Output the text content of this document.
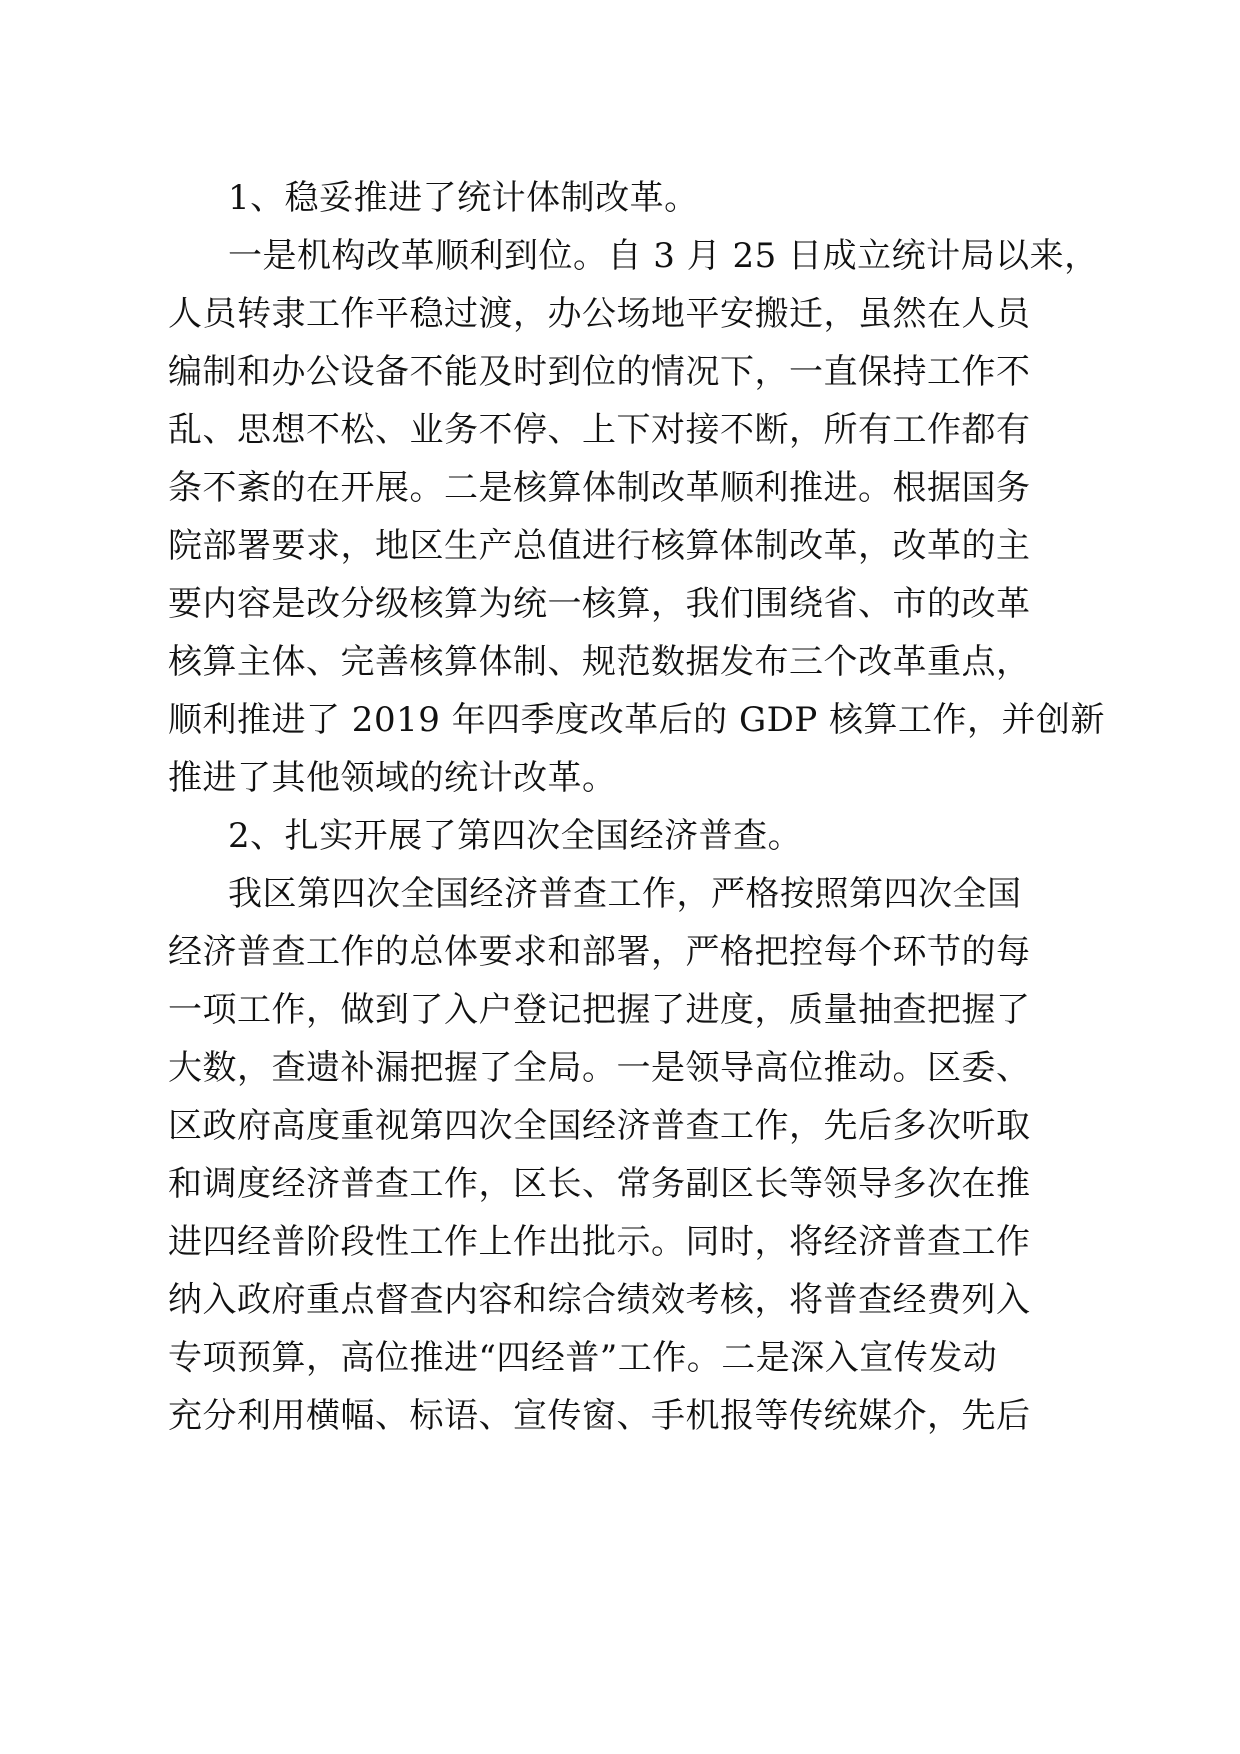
1、稳妥推进了统计体制改革。
一是机构改革顺利到位。自 3 月 25 日成立统计局以来，
人员转隶工作平稳过渡，办公场地平安搬迁，虽然在人员
编制和办公设备不能及时到位的情况下，一直保持工作不
乱、思想不松、业务不停、上下对接不断，所有工作都有
条不紊的在开展。二是核算体制改革顺利推进。根据国务
院部署要求，地区生产总值进行核算体制改革，改革的主
要内容是改分级核算为统一核算，我们围绕省、市的改革
核算主体、完善核算体制、规范数据发布三个改革重点，
顺利推进了 2019 年四季度改革后的 GDP 核算工作，并创新
推进了其他领域的统计改革。
2、扎实开展了第四次全国经济普查。
我区第四次全国经济普查工作，严格按照第四次全国
经济普查工作的总体要求和部署，严格把控每个环节的每
一项工作，做到了入户登记把握了进度，质量抽查把握了
大数，查遗补漏把握了全局。一是领导高位推动。区委、
区政府高度重视第四次全国经济普查工作，先后多次听取
和调度经济普查工作，区长、常务副区长等领导多次在推
进四经普阶段性工作上作出批示。同时，将经济普查工作
纳入政府重点督查内容和综合绩效考核，将普查经费列入
专项预算，高位推进“四经普”工作。二是深入宣传发动
充分利用横幅、标语、宣传窗、手机报等传统媒介，先后
